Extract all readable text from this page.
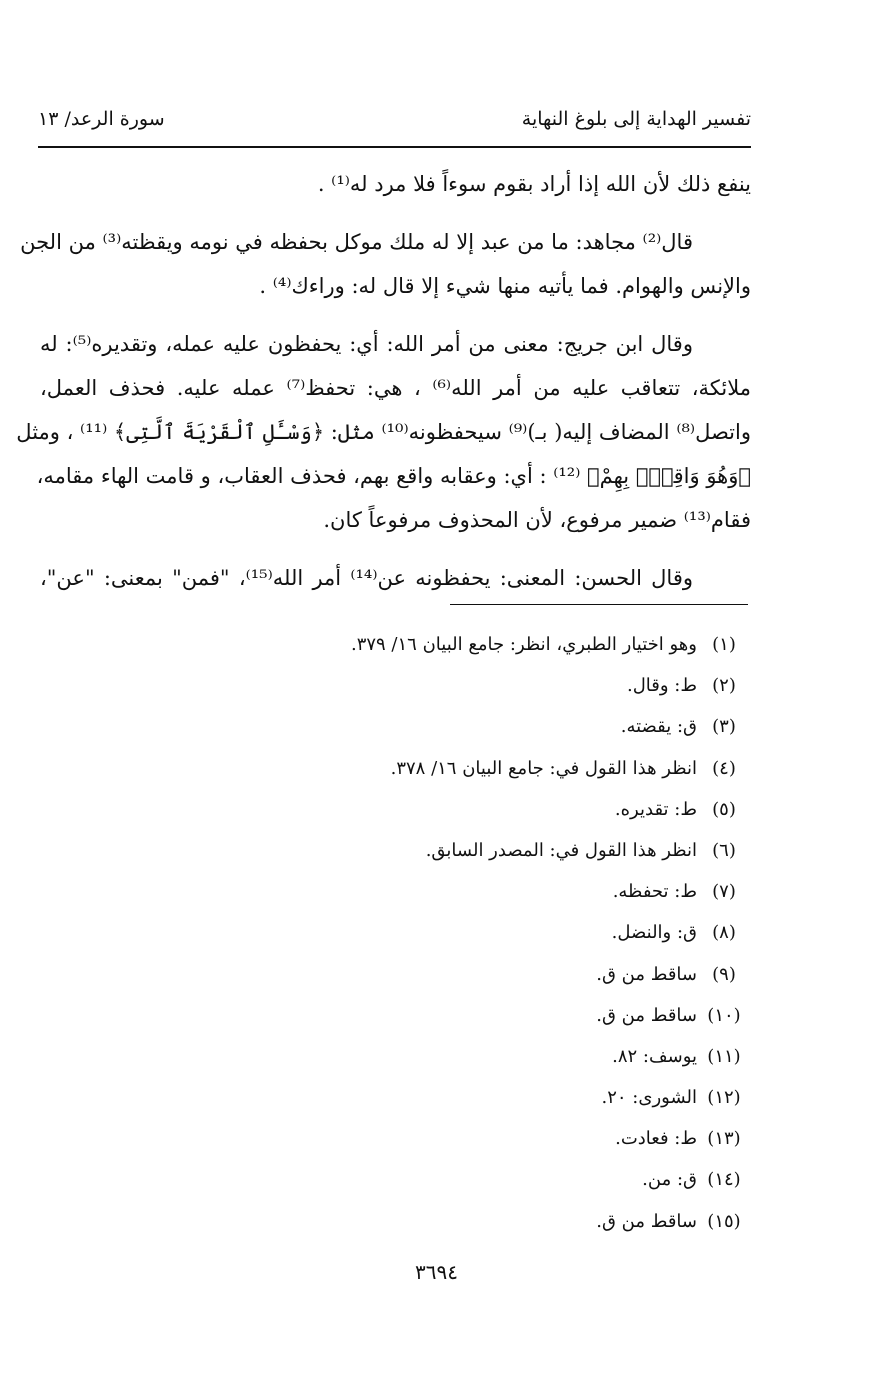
تفسير الهداية إلى بلوغ النهاية
سورة الرعد/ ١٣
ينفع ذلك لأن الله إذا أراد بقوم سوءاً فلا مرد له⁽¹⁾ .
قال⁽²⁾ مجاهد: ما من عبد إلا له ملك موكل بحفظه في نومه ويقظته⁽³⁾ من الجن
والإنس والهوام. فما يأتيه منها شيء إلا قال له: وراءك⁽⁴⁾ .
وقال ابن جريج: معنى من أمر الله: أي: يحفظون عليه عمله، وتقديره⁽⁵⁾: له
ملائكة، تتعاقب عليه من أمر الله⁽⁶⁾ ، هي: تحفظ⁽⁷⁾ عمله عليه. فحذف العمل،
واتصل⁽⁸⁾ المضاف إليه( بـ)⁽⁹⁾ سيحفظونه⁽¹⁰⁾ مثل: ﴿وَسْـَٔلِ ٱلْقَرْيَةَ ٱلَّتِى﴾ ⁽¹¹⁾ ، ومثل
﴿وَهُوَ وَاقِعٌۢ بِهِمْ﴾ ⁽¹²⁾ : أي: وعقابه واقع بهم، فحذف العقاب، و قامت الهاء مقامه،
فقام⁽¹³⁾ ضمير مرفوع، لأن المحذوف مرفوعاً كان.
وقال الحسن: المعنى: يحفظونه عن⁽¹⁴⁾ أمر الله⁽¹⁵⁾، "فمن" بمعنى: "عن"،
(١)
وهو اختيار الطبري، انظر: جامع البيان ١٦/ ٣٧٩.
(٢)
ط: وقال.
(٣)
ق: يقضته.
(٤)
انظر هذا القول في: جامع البيان ١٦/ ٣٧٨.
(٥)
ط: تقديره.
(٦)
انظر هذا القول في: المصدر السابق.
(٧)
ط: تحفظه.
(٨)
ق: والنضل.
(٩)
ساقط من ق.
(١٠)
ساقط من ق.
(١١)
يوسف: ٨٢.
(١٢)
الشورى: ٢٠.
(١٣)
ط: فعادت.
(١٤)
ق: من.
(١٥)
ساقط من ق.
٣٦٩٤
